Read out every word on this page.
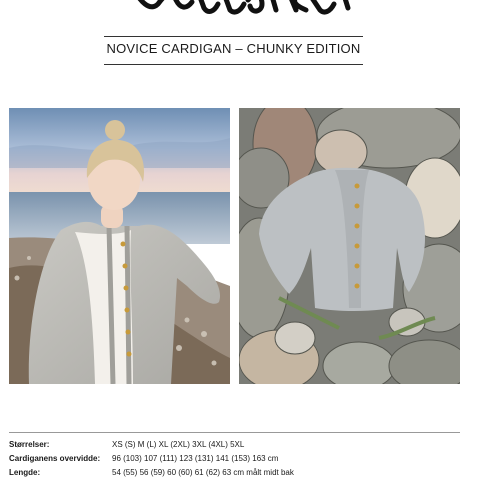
NOVICE CARDIGAN – CHUNKY EDITION
Størrelser:	XS (S) M (L) XL (2XL) 3XL (4XL) 5XL
Cardiganens overvidde:	96 (103) 107 (111) 123 (131) 141 (153) 163 cm
Lengde:	54 (55) 56 (59) 60 (60) 61 (62) 63 cm målt midt bak
